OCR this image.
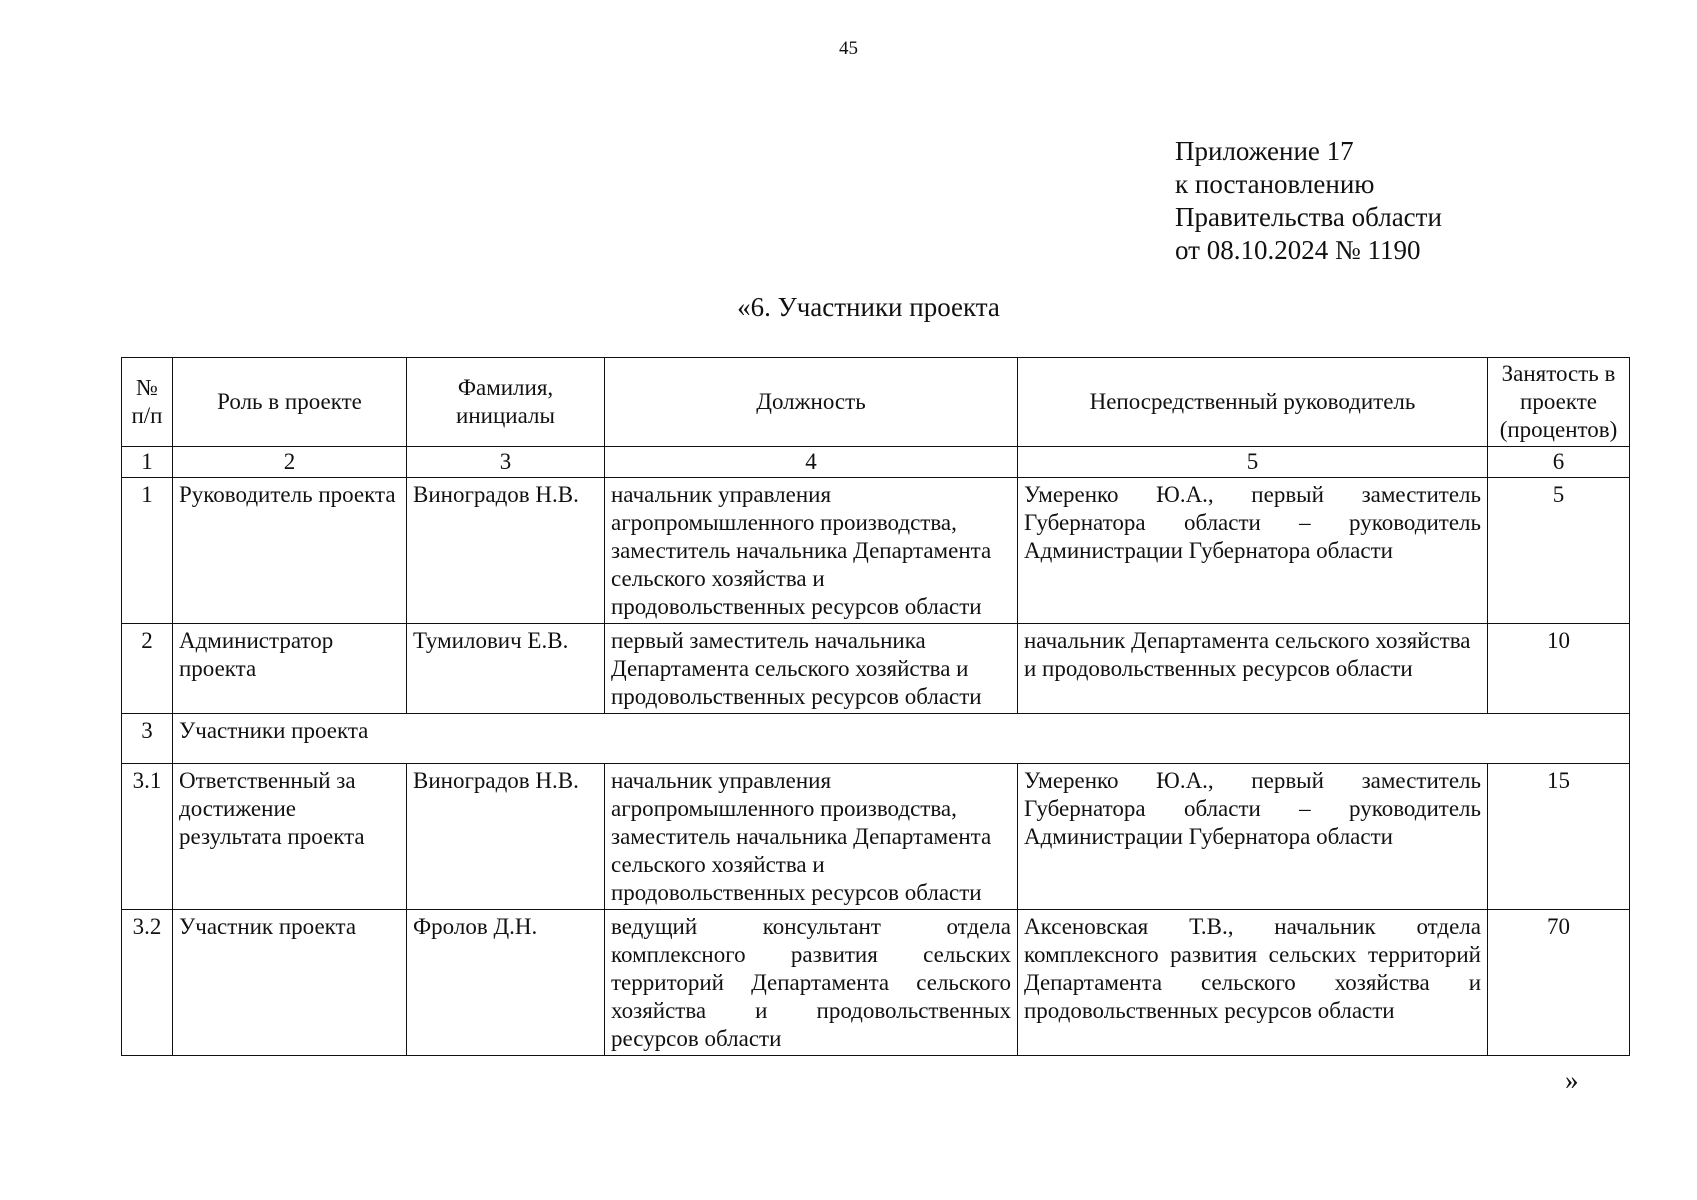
45
Приложение 17
к постановлению
Правительства области
от 08.10.2024 № 1190
«6. Участники проекта
№ п/п	Роль в проекте	Фамилия, инициалы	Должность	Непосредственный руководитель	Занятость в проекте (процентов)
1	2	3	4	5	6
1	Руководитель проекта	Виноградов Н.В.	начальник управления агропромышленного производства, заместитель начальника Департамента сельского хозяйства и продовольственных ресурсов области	Умеренко Ю.А., первый заместитель Губернатора области – руководитель Администрации Губернатора области	5
2	Администратор проекта	Тумилович Е.В.	первый заместитель начальника Департамента сельского хозяйства и продовольственных ресурсов области	начальник Департамента сельского хозяйства и продовольственных ресурсов области	10
3	Участники проекта				
3.1	Ответственный за достижение результата проекта	Виноградов Н.В.	начальник управления агропромышленного производства, заместитель начальника Департамента сельского хозяйства и продовольственных ресурсов области	Умеренко Ю.А., первый заместитель Губернатора области – руководитель Администрации Губернатора области	15
3.2	Участник проекта	Фролов Д.Н.	ведущий консультант отдела комплексного развития сельских территорий Департамента сельского хозяйства и продовольственных ресурсов области	Аксеновская Т.В., начальник отдела комплексного развития сельских территорий Департамента сельского хозяйства и продовольственных ресурсов области	70
»
